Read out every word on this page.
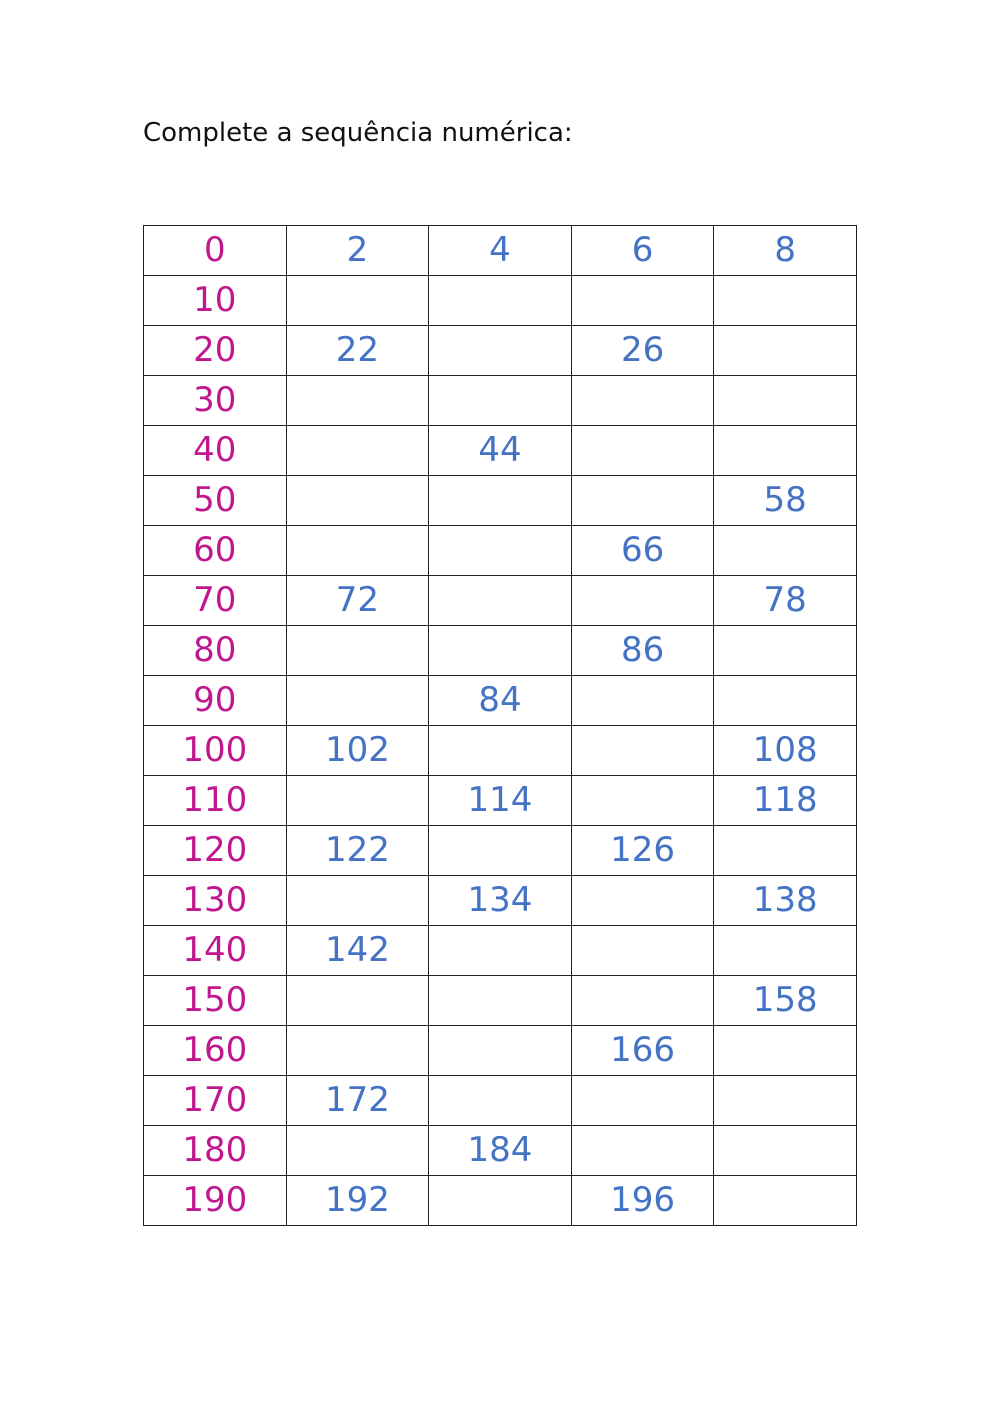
Complete a sequência numérica:
0	2	4	6	8
10				
20	22		26	
30				
40		44		
50				58
60			66	
70	72			78
80			86	
90		84		
100	102			108
110		114		118
120	122		126	
130		134		138
140	142			
150				158
160			166	
170	172			
180		184		
190	192		196	
